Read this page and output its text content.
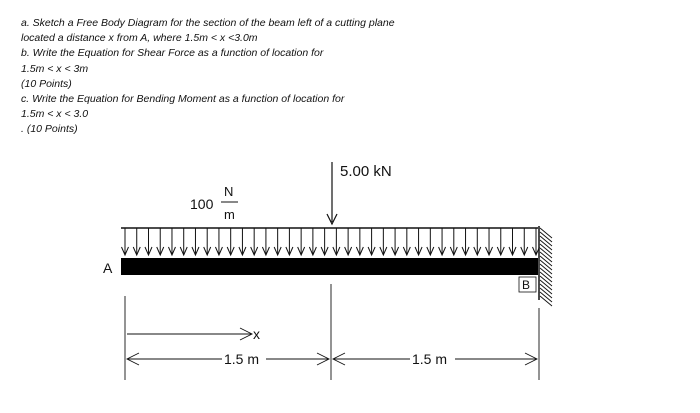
a. Sketch a Free Body Diagram for the section of the beam left of a cutting plane
located a distance x from A, where 1.5m < x <3.0m
b. Write the Equation for Shear Force as a function of location for
1.5m < x < 3m
(10 Points)
c. Write the Equation for Bending Moment as a function of location for
1.5m < x < 3.0
. (10 Points)
100
N
m
5.00 kN
A
B
x
1.5 m	1.5 m
